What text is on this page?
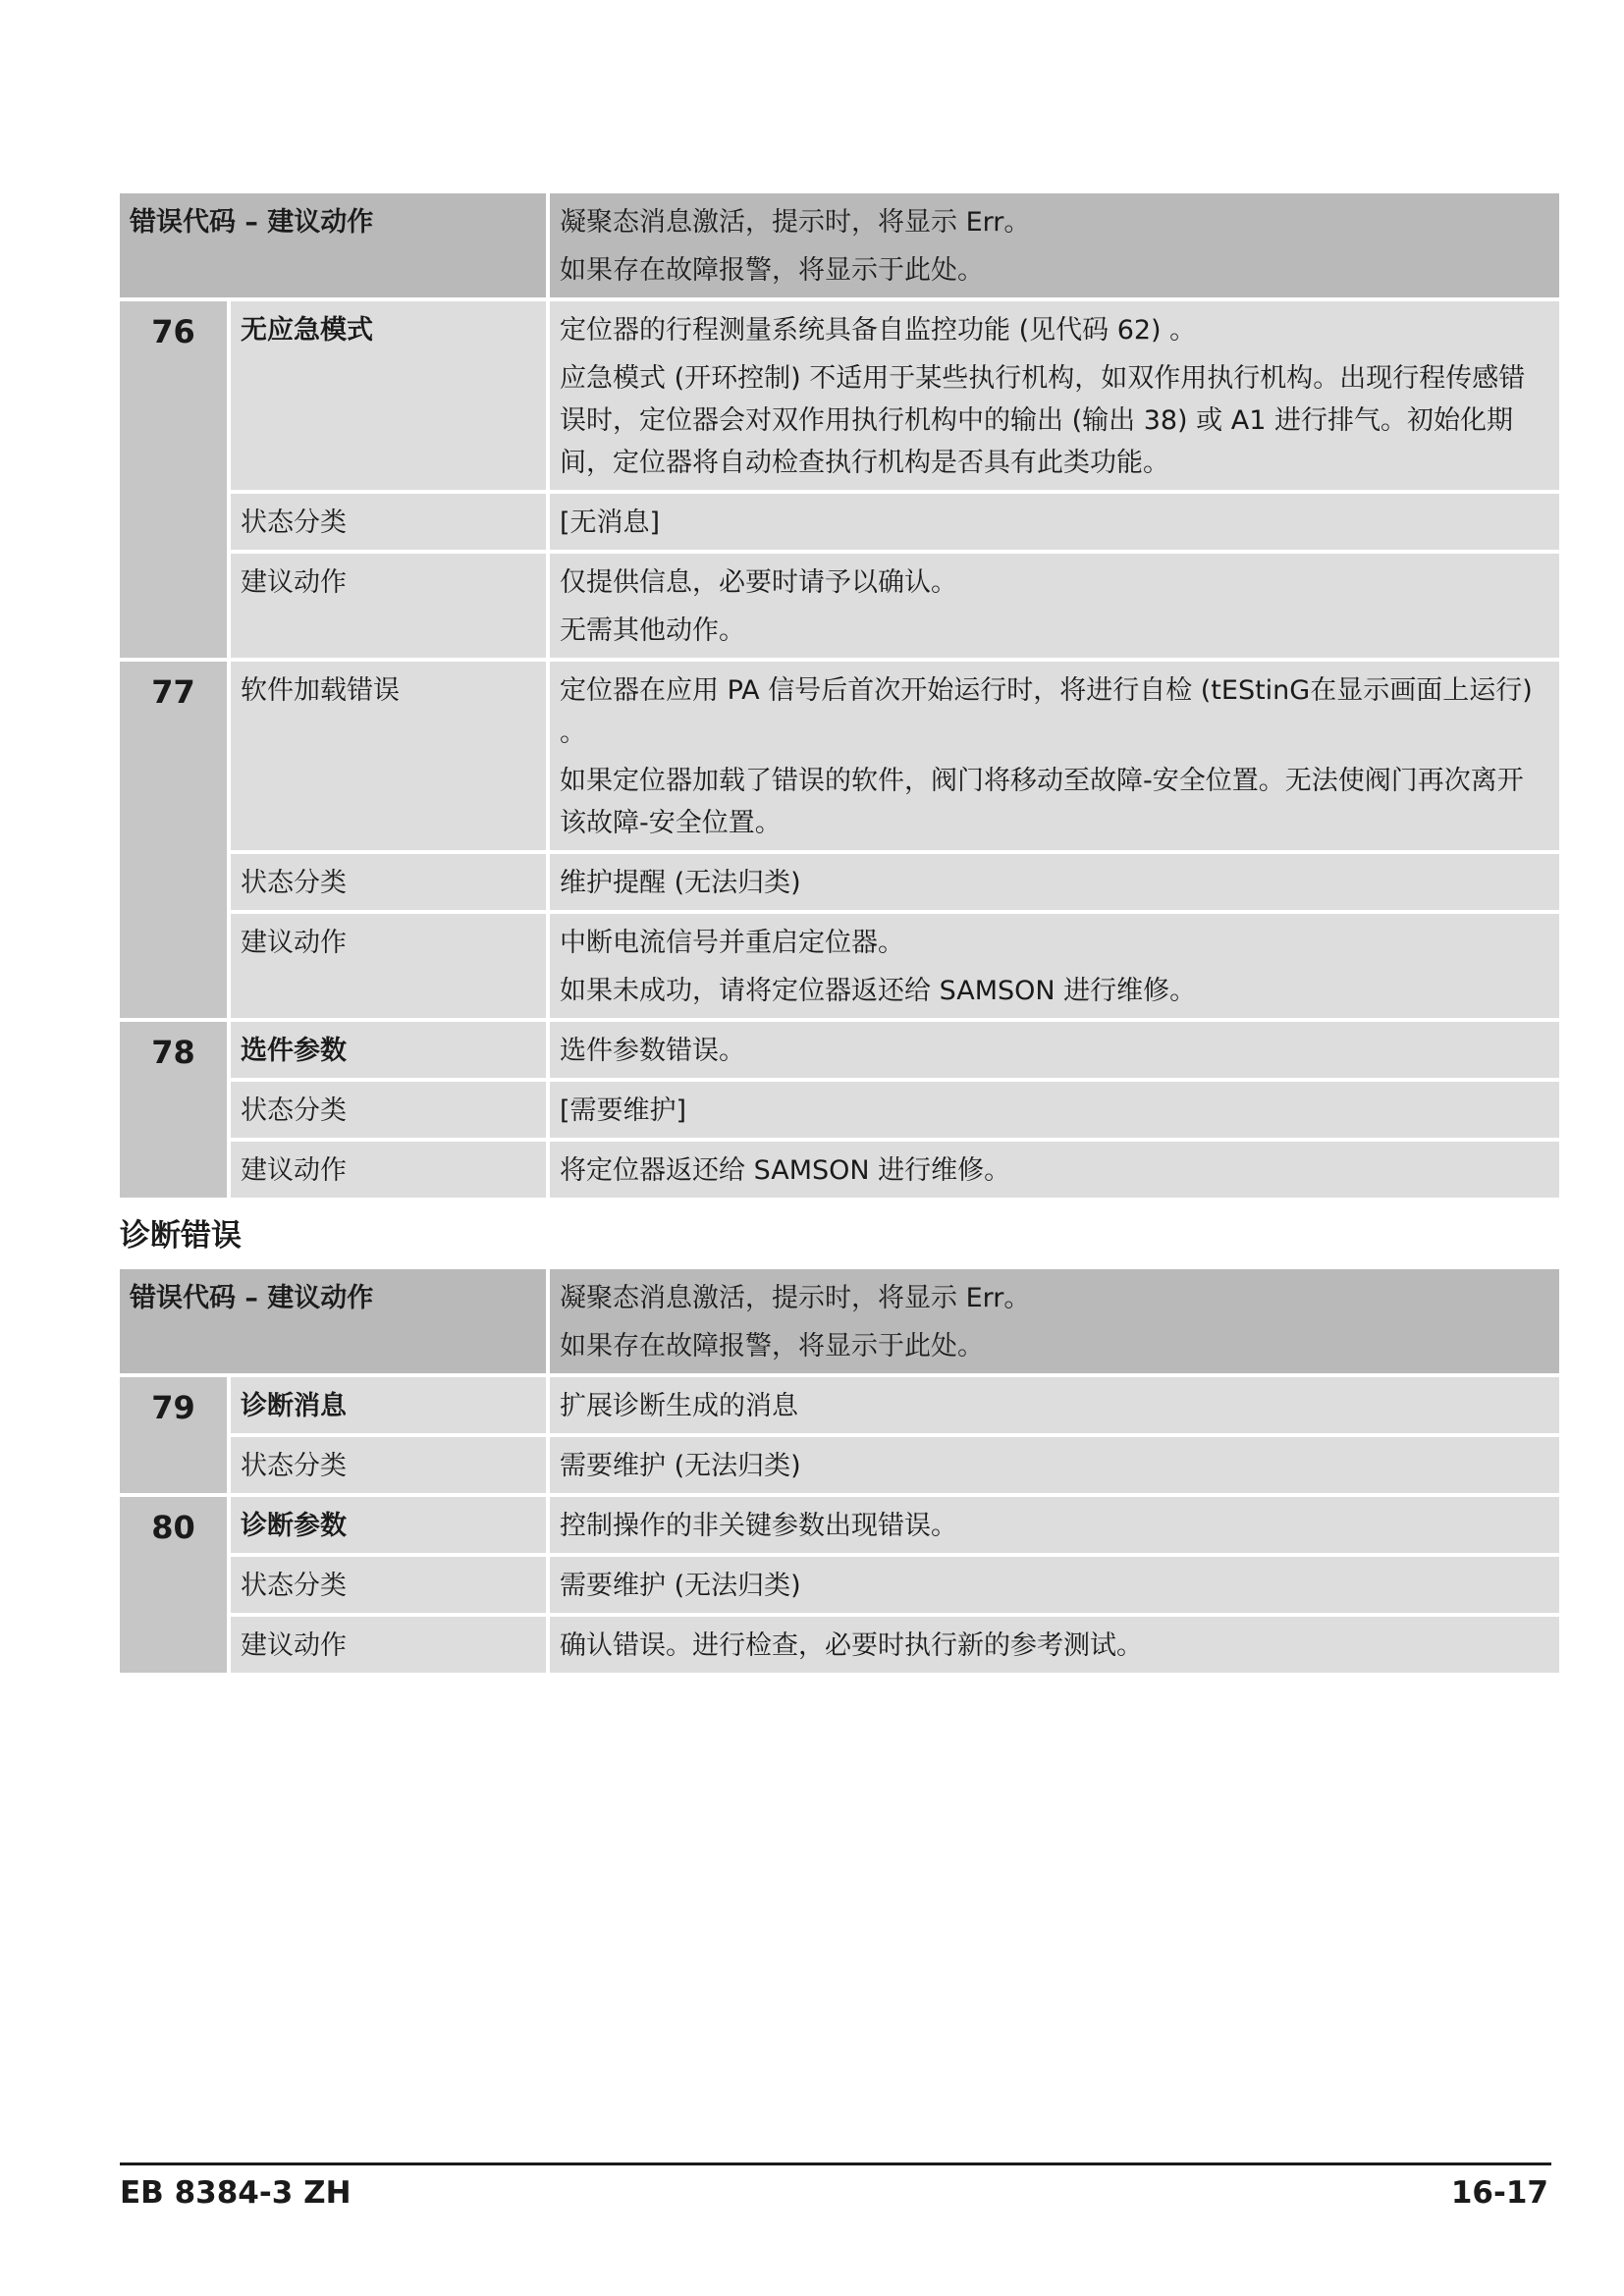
错误代码 – 建议动作	凝聚态消息激活，提示时，将显示 Err。

如果存在故障报警，将显示于此处。

76	无应急模式	定位器的行程测量系统具备自监控功能 (见代码 62) 。

应急模式 (开环控制) 不适用于某些执行机构，如双作用执行机构。出现行程传感错误时，定位器会对双作用执行机构中的输出 (输出 38) 或 A1 进行排气。初始化期间，定位器将自动检查执行机构是否具有此类功能。

状态分类	[无消息]

建议动作	仅提供信息，必要时请予以确认。

无需其他动作。

77	软件加载错误	定位器在应用 PA 信号后首次开始运行时，将进行自检 (tEStinG在显示画面上运行) 。

如果定位器加载了错误的软件，阀门将移动至故障-安全位置。无法使阀门再次离开该故障-安全位置。

状态分类	维护提醒 (无法归类)

建议动作	中断电流信号并重启定位器。

如果未成功，请将定位器返还给 SAMSON 进行维修。

78	选件参数	选件参数错误。

状态分类	[需要维护]

建议动作	将定位器返还给 SAMSON 进行维修。

诊断错误
错误代码 – 建议动作	凝聚态消息激活，提示时，将显示 Err。

如果存在故障报警，将显示于此处。

79	诊断消息	扩展诊断生成的消息

状态分类	需要维护 (无法归类)

80	诊断参数	控制操作的非关键参数出现错误。

状态分类	需要维护 (无法归类)

建议动作	确认错误。进行检查，必要时执行新的参考测试。

EB 8384-3 ZH	16-17
